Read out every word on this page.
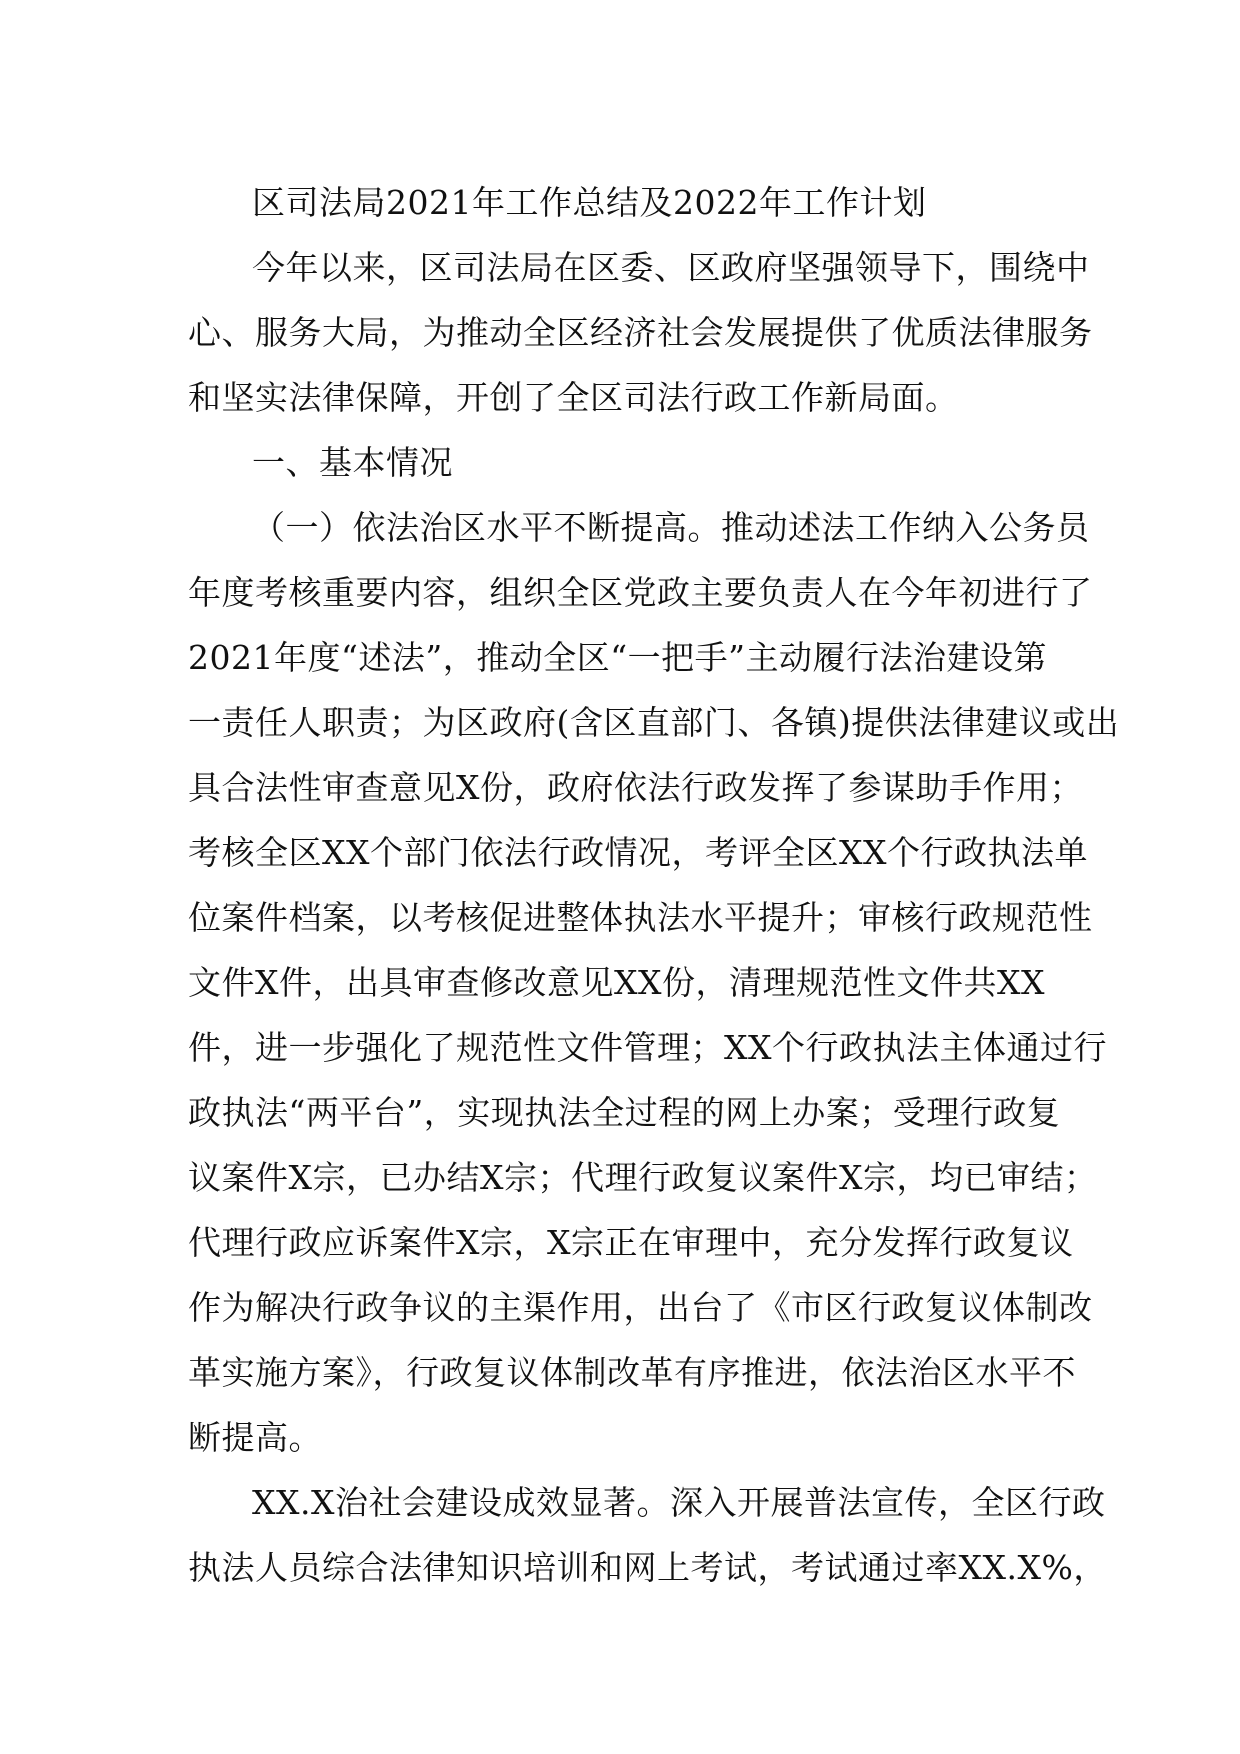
区司法局2021年工作总结及2022年工作计划
今年以来，区司法局在区委、区政府坚强领导下，围绕中
心、服务大局，为推动全区经济社会发展提供了优质法律服务
和坚实法律保障，开创了全区司法行政工作新局面。
一、基本情况
（一）依法治区水平不断提高。推动述法工作纳入公务员
年度考核重要内容，组织全区党政主要负责人在今年初进行了
2021年度“述法”，推动全区“一把手”主动履行法治建设第
一责任人职责；为区政府(含区直部门、各镇)提供法律建议或出
具合法性审查意见X份，政府依法行政发挥了参谋助手作用；
考核全区XX个部门依法行政情况，考评全区XX个行政执法单
位案件档案，以考核促进整体执法水平提升；审核行政规范性
文件X件，出具审查修改意见XX份，清理规范性文件共XX
件，进一步强化了规范性文件管理；XX个行政执法主体通过行
政执法“两平台”，实现执法全过程的网上办案；受理行政复
议案件X宗，已办结X宗；代理行政复议案件X宗，均已审结；
代理行政应诉案件X宗，X宗正在审理中，充分发挥行政复议
作为解决行政争议的主渠作用，出台了《市区行政复议体制改
革实施方案》，行政复议体制改革有序推进，依法治区水平不
断提高。
XX.X治社会建设成效显著。深入开展普法宣传，全区行政
执法人员综合法律知识培训和网上考试，考试通过率XX.X%，
